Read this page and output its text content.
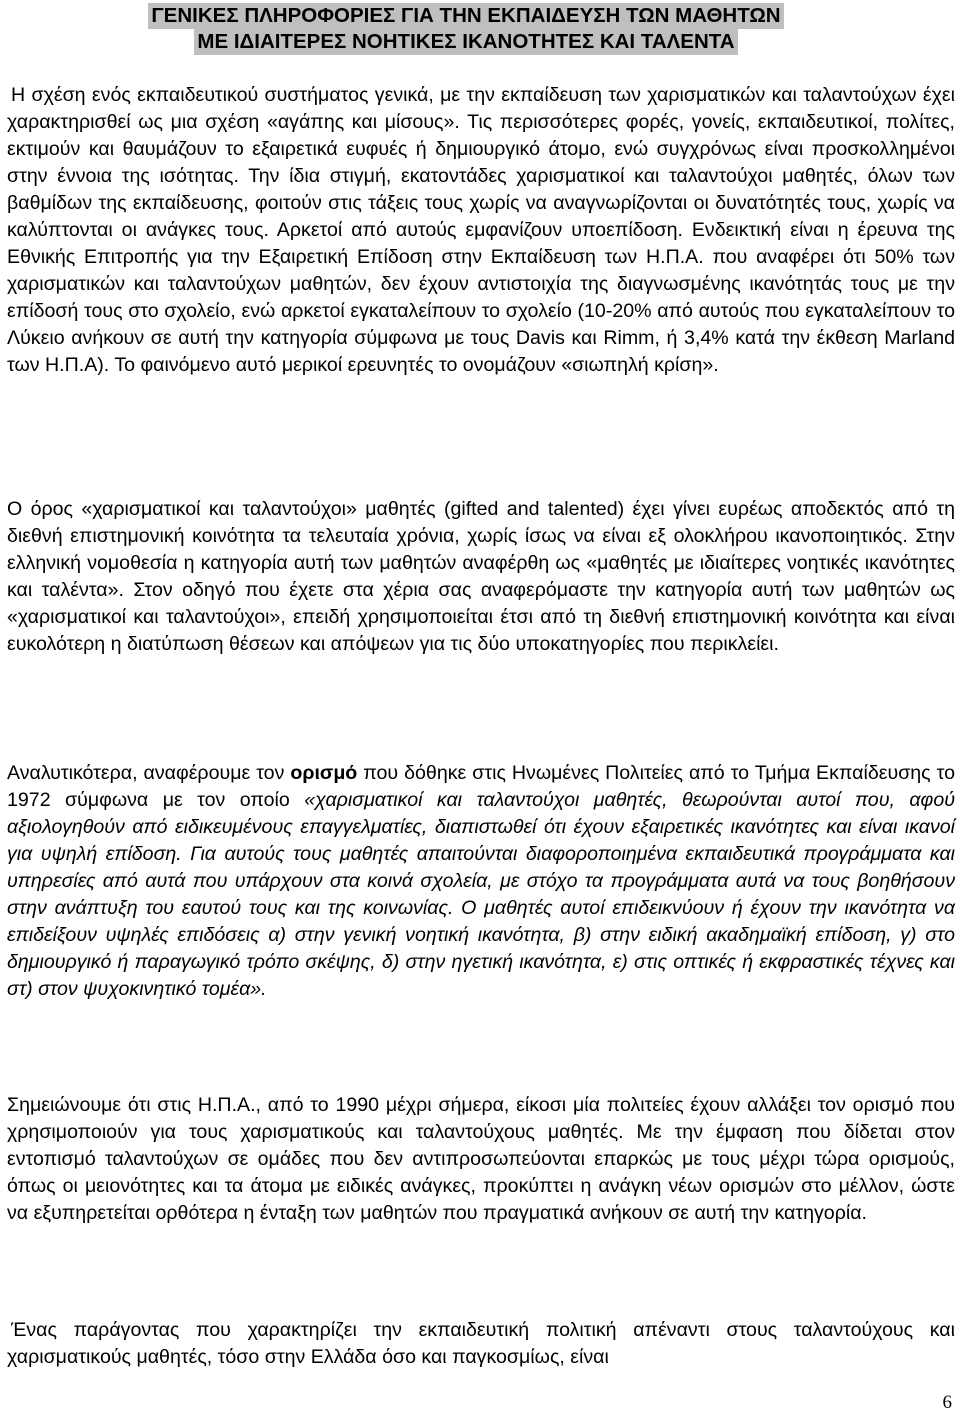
ΓΕΝΙΚΕΣ ΠΛΗΡΟΦΟΡΙΕΣ ΓΙΑ ΤΗΝ ΕΚΠΑΙΔΕΥΣΗ ΤΩΝ ΜΑΘΗΤΩΝ
ΜΕ ΙΔΙΑΙΤΕΡΕΣ ΝΟΗΤΙΚΕΣ ΙΚΑΝΟΤΗΤΕΣ ΚΑΙ ΤΑΛΕΝΤΑ

Η σχέση ενός εκπαιδευτικού συστήματος γενικά, με την εκπαίδευση των χαρισματικών και ταλαντούχων έχει χαρακτηρισθεί ως μια σχέση «αγάπης και μίσους». Τις περισσότερες φορές, γονείς, εκπαιδευτικοί, πολίτες, εκτιμούν και θαυμάζουν το εξαιρετικά ευφυές ή δημιουργικό άτομο, ενώ συγχρόνως είναι προσκολλημένοι στην έννοια της ισότητας. Την ίδια στιγμή, εκατοντάδες χαρισματικοί και ταλαντούχοι μαθητές, όλων των βαθμίδων της εκπαίδευσης, φοιτούν στις τάξεις τους χωρίς να αναγνωρίζονται οι δυνατότητές τους, χωρίς να καλύπτονται οι ανάγκες τους. Αρκετοί από αυτούς εμφανίζουν υποεπίδοση. Ενδεικτική είναι η έρευνα της Εθνικής Επιτροπής για την Εξαιρετική Επίδοση στην Εκπαίδευση των Η.Π.Α. που αναφέρει ότι 50% των χαρισματικών και ταλαντούχων μαθητών, δεν έχουν αντιστοιχία της διαγνωσμένης ικανότητάς τους με την επίδοσή τους στο σχολείο, ενώ αρκετοί εγκαταλείπουν το σχολείο (10-20% από αυτούς που εγκαταλείπουν το Λύκειο ανήκουν σε αυτή την κατηγορία σύμφωνα με τους Davis και Rimm, ή 3,4% κατά την έκθεση Marland των Η.Π.Α). Το φαινόμενο αυτό μερικοί ερευνητές το ονομάζουν «σιωπηλή κρίση».

Ο όρος «χαρισματικοί και ταλαντούχοι» μαθητές (gifted and talented) έχει γίνει ευρέως αποδεκτός από τη διεθνή επιστημονική κοινότητα τα τελευταία χρόνια, χωρίς ίσως να είναι εξ ολοκλήρου ικανοποιητικός. Στην ελληνική νομοθεσία η κατηγορία αυτή των μαθητών αναφέρθη ως «μαθητές με ιδιαίτερες νοητικές ικανότητες και ταλέντα». Στον οδηγό που έχετε στα χέρια σας αναφερόμαστε την κατηγορία αυτή των μαθητών ως «χαρισματικοί και ταλαντούχοι», επειδή χρησιμοποιείται έτσι από τη διεθνή επιστημονική κοινότητα και είναι ευκολότερη η διατύπωση θέσεων και απόψεων για τις δύο υποκατηγορίες που περικλείει.

Αναλυτικότερα, αναφέρουμε τον ορισμό που δόθηκε στις Ηνωμένες Πολιτείες από το Τμήμα Εκπαίδευσης το 1972 σύμφωνα με τον οποίο «χαρισματικοί και ταλαντούχοι μαθητές, θεωρούνται αυτοί που, αφού αξιολογηθούν από ειδικευμένους επαγγελματίες, διαπιστωθεί ότι έχουν εξαιρετικές ικανότητες και είναι ικανοί για υψηλή επίδοση. Για αυτούς τους μαθητές απαιτούνται διαφοροποιημένα εκπαιδευτικά προγράμματα και υπηρεσίες από αυτά που υπάρχουν στα κοινά σχολεία, με στόχο τα προγράμματα αυτά να τους βοηθήσουν στην ανάπτυξη του εαυτού τους και της κοινωνίας. Ο μαθητές αυτοί επιδεικνύουν ή έχουν την ικανότητα να επιδείξουν υψηλές επιδόσεις α) στην γενική νοητική ικανότητα, β) στην ειδική ακαδημαϊκή επίδοση, γ) στο δημιουργικό ή παραγωγικό τρόπο σκέψης, δ) στην ηγετική ικανότητα, ε) στις οπτικές ή εκφραστικές τέχνες και στ) στον ψυχοκινητικό τομέα».

Σημειώνουμε ότι στις Η.Π.Α., από το 1990 μέχρι σήμερα, είκοσι μία πολιτείες έχουν αλλάξει τον ορισμό που χρησιμοποιούν για τους χαρισματικούς και ταλαντούχους μαθητές. Με την έμφαση που δίδεται στον εντοπισμό ταλαντούχων σε ομάδες που δεν αντιπροσωπεύονται επαρκώς με τους μέχρι τώρα ορισμούς, όπως οι μειονότητες και τα άτομα με ειδικές ανάγκες, προκύπτει η ανάγκη νέων ορισμών στο μέλλον, ώστε να εξυπηρετείται ορθότερα η ένταξη των μαθητών που πραγματικά ανήκουν σε αυτή την κατηγορία.

Ένας παράγοντας που χαρακτηρίζει την εκπαιδευτική πολιτική απέναντι στους ταλαντούχους και χαρισματικούς μαθητές, τόσο στην Ελλάδα όσο και παγκοσμίως, είναι

6
